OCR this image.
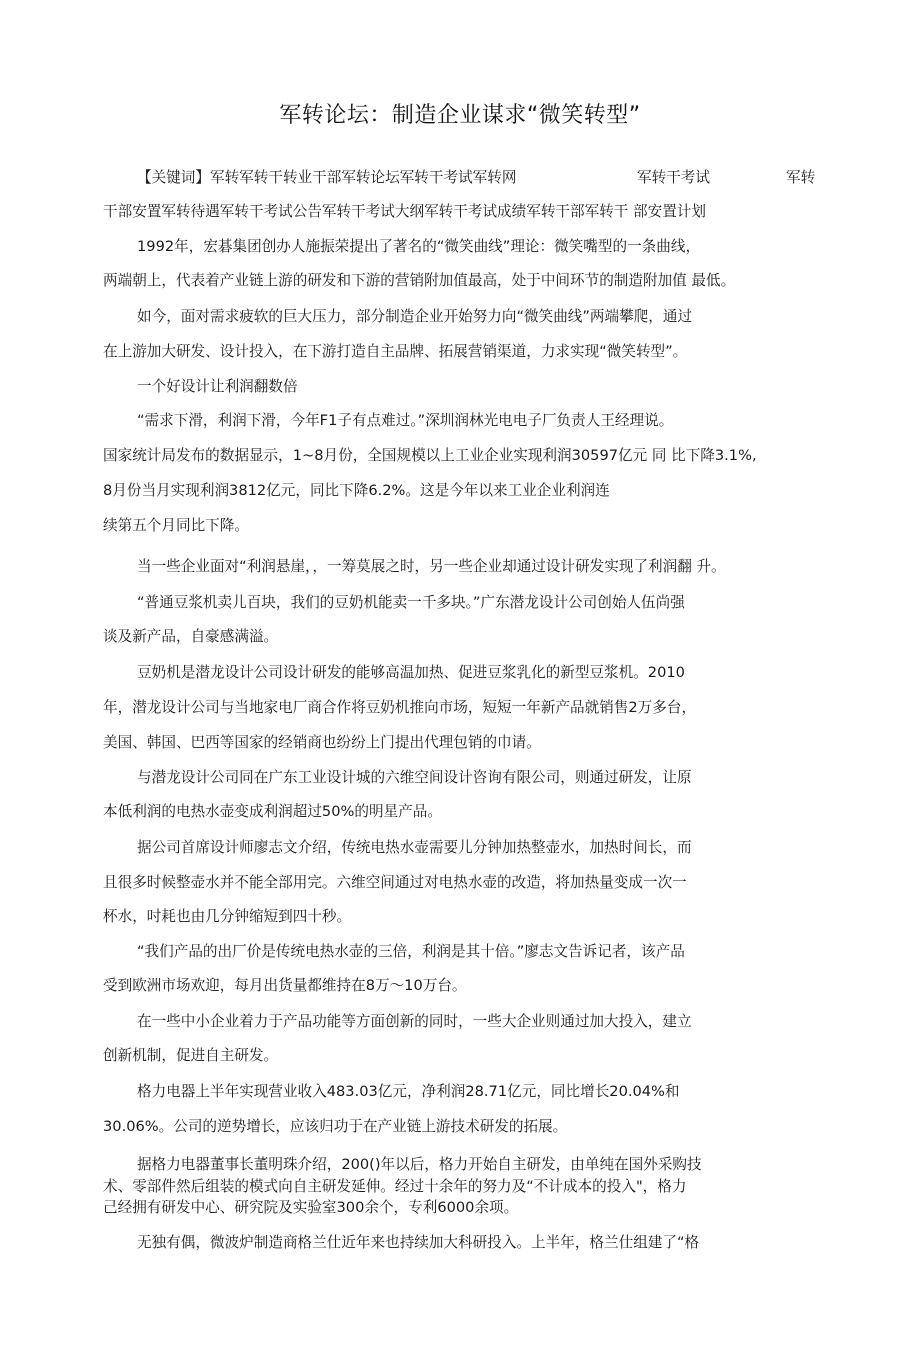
军转论坛：制造企业谋求“微笑转型”
【关键词】军转军转干转业干部军转论坛军转干考试军转网	军转干考试	军转
干部安置军转待遇军转干考试公告军转干考试大纲军转干考试成绩军转干部军转干 部安置计划
1992年，宏碁集团创办人施振荣提出了著名的“微笑曲线”理论：微笑嘴型的一条曲线，
两端朝上，代表着产业链上游的研发和下游的营销附加值最高，处于中间环节的制造附加值 最低。
如今，面对需求疲软的巨大压力，部分制造企业开始努力向“微笑曲线”两端攀爬，通过
在上游加大研发、设计投入，在下游打造自主品牌、拓展营销渠道，力求实现“微笑转型”。
一个好设计让利润翻数倍
“需求下滑，利润下滑，今年F1子有点难过。”深圳润林光电电子厂负责人王经理说。
国家统计局发布的数据显示，1~8月份，全国规模以上工业企业实现利润30597亿元 同 比下降3.1%,
8月份当月实现利润3812亿元，同比下降6.2%。这是今年以来工业企业利润连
续第五个月同比下降。
当一些企业面对“利润悬崖，，一筹莫展之时，另一些企业却通过设计研发实现了利润翻 升。
“普通豆浆机卖儿百块，我们的豆奶机能卖一千多块。”广东潜龙设计公司创始人伍尚强
谈及新产品，自豪感满溢。
豆奶机是潜龙设计公司设计研发的能够高温加热、促进豆浆乳化的新型豆浆机。2010
年，潜龙设计公司与当地家电厂商合作将豆奶机推向市场，短短一年新产品就销售2万多台，
美国、韩国、巴西等国家的经销商也纷纷上门提出代理包销的巾请。
与潜龙设计公司同在广东工业设计城的六维空间设计咨询有限公司，则通过研发，让原
本低利润的电热水壶变成利润超过50%的明星产品。
据公司首席设计师廖志文介绍，传统电热水壶需要儿分钟加热整壶水，加热时间长，而
且很多时候整壶水并不能全部用完。六维空间通过对电热水壶的改造，将加热量变成一次一
杯水，吋耗也由几分钟缩短到四十秒。
“我们产品的出厂价是传统电热水壶的三倍，利润是其十倍。”廖志文告诉记者，该产品
受到欧洲市场欢迎，每月出货量都维持在8万〜10万台。
在一些中小企业着力于产品功能等方面创新的同时，一些大企业则通过加大投入，建立
创新机制，促进自主研发。
格力电器上半年实现营业收入483.03亿元，净利润28.71亿元，同比增长20.04%和
30.06%。公司的逆势增长，应该归功于在产业链上游技术研发的拓展。
据格力电器董事长董明珠介绍，200()年以后，格力开始自主研发，由单纯在国外采购技
术、零部件然后组装的模式向自主研发延伸。经过十余年的努力及“不计成本的投入"，格力
己经拥有研发中心、研究院及实验室300余个，专利6000余项。
无独有偶，微波炉制造商格兰仕近年来也持续加大科研投入。上半年，格兰仕组建了“格
